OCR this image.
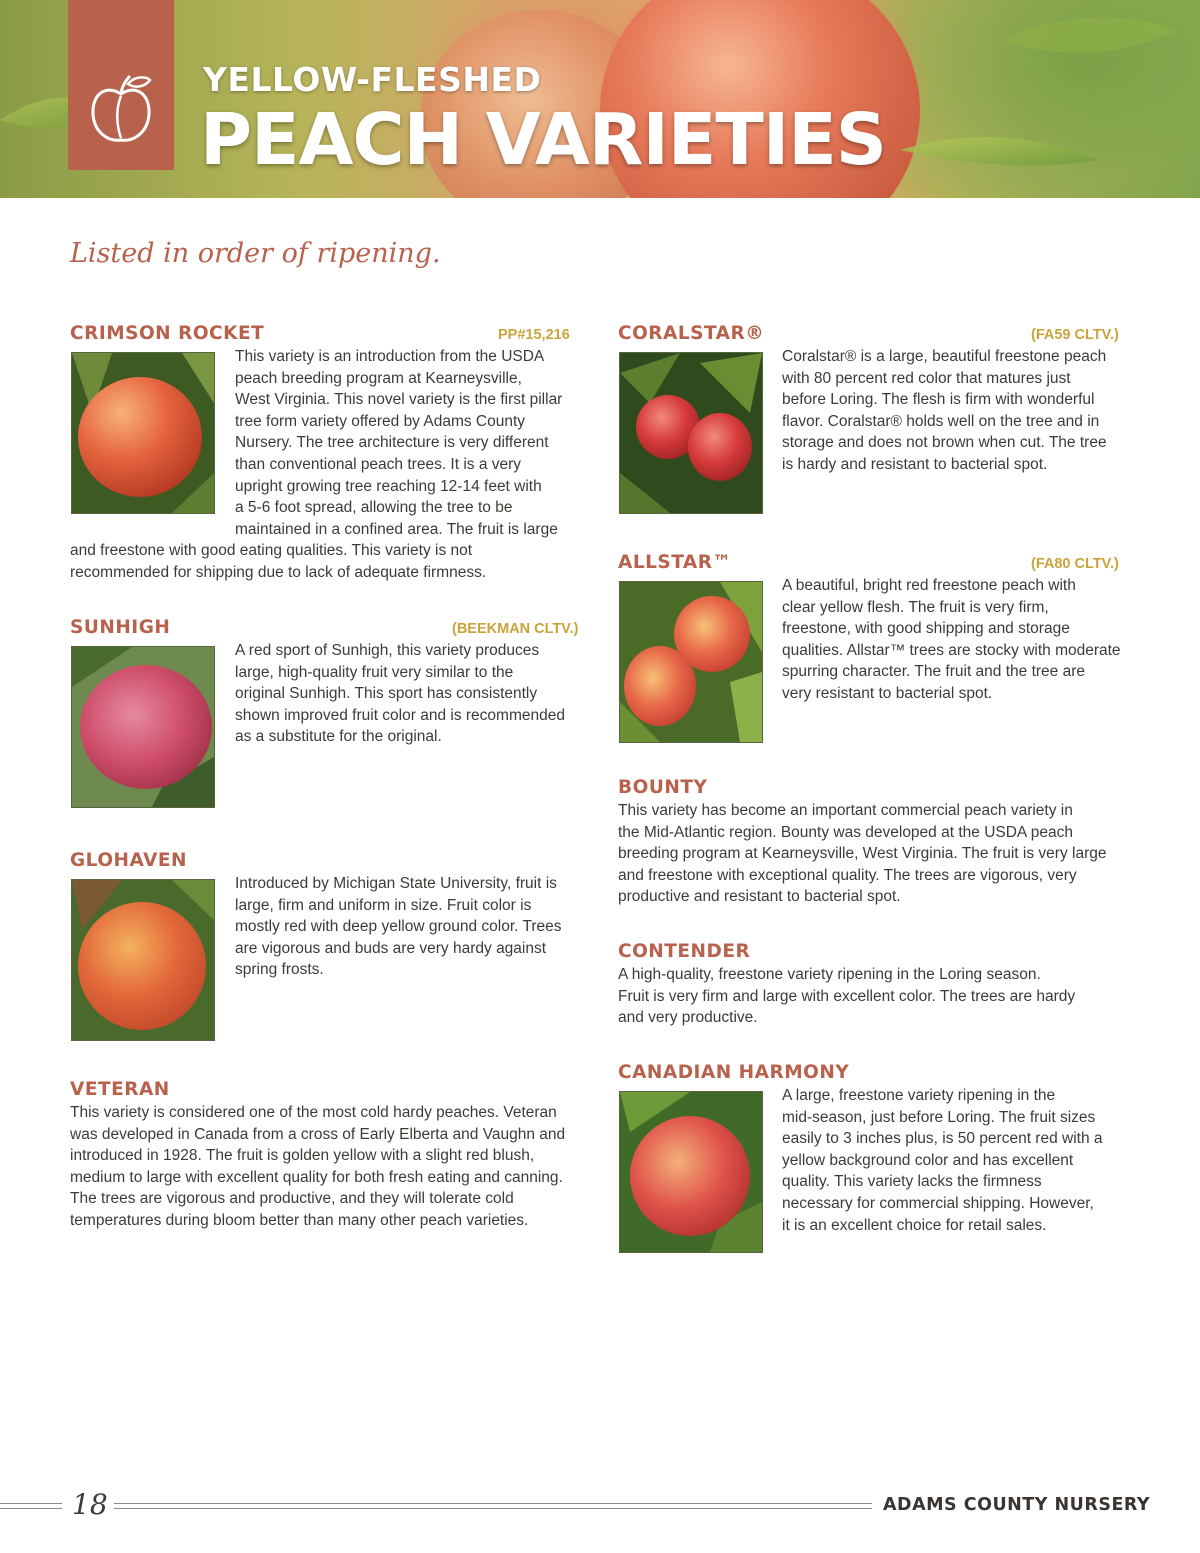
YELLOW-FLESHED
PEACH VARIETIES

Listed in order of ripening.

CRIMSON ROCKET	PP#15,216

This variety is an introduction from the USDA
peach breeding program at Kearneysville,
West Virginia. This novel variety is the first pillar
tree form variety offered by Adams County
Nursery. The tree architecture is very different
than conventional peach trees. It is a very
upright growing tree reaching 12-14 feet with
a 5-6 foot spread, allowing the tree to be
maintained in a confined area. The fruit is large

and freestone with good eating qualities. This variety is not
recommended for shipping due to lack of adequate firmness.

SUNHIGH	(BEEKMAN CLTV.)

A red sport of Sunhigh, this variety produces
large, high-quality fruit very similar to the
original Sunhigh. This sport has consistently
shown improved fruit color and is recommended
as a substitute for the original.

GLOHAVEN

Introduced by Michigan State University, fruit is
large, firm and uniform in size. Fruit color is
mostly red with deep yellow ground color. Trees
are vigorous and buds are very hardy against
spring frosts.

VETERAN

This variety is considered one of the most cold hardy peaches. Veteran
was developed in Canada from a cross of Early Elberta and Vaughn and
introduced in 1928. The fruit is golden yellow with a slight red blush,
medium to large with excellent quality for both fresh eating and canning.
The trees are vigorous and productive, and they will tolerate cold
temperatures during bloom better than many other peach varieties.

CORALSTAR®	(FA59 CLTV.)

Coralstar® is a large, beautiful freestone peach
with 80 percent red color that matures just
before Loring. The flesh is firm with wonderful
flavor. Coralstar® holds well on the tree and in
storage and does not brown when cut. The tree
is hardy and resistant to bacterial spot.

ALLSTAR™	(FA80 CLTV.)

A beautiful, bright red freestone peach with
clear yellow flesh. The fruit is very firm,
freestone, with good shipping and storage
qualities. Allstar™ trees are stocky with moderate
spurring character. The fruit and the tree are
very resistant to bacterial spot.

BOUNTY

This variety has become an important commercial peach variety in
the Mid-Atlantic region. Bounty was developed at the USDA peach
breeding program at Kearneysville, West Virginia. The fruit is very large
and freestone with exceptional quality. The trees are vigorous, very
productive and resistant to bacterial spot.

CONTENDER

A high-quality, freestone variety ripening in the Loring season.
Fruit is very firm and large with excellent color. The trees are hardy
and very productive.

CANADIAN HARMONY

A large, freestone variety ripening in the
mid-season, just before Loring. The fruit sizes
easily to 3 inches plus, is 50 percent red with a
yellow background color and has excellent
quality. This variety lacks the firmness
necessary for commercial shipping. However,
it is an excellent choice for retail sales.

18	ADAMS COUNTY NURSERY
